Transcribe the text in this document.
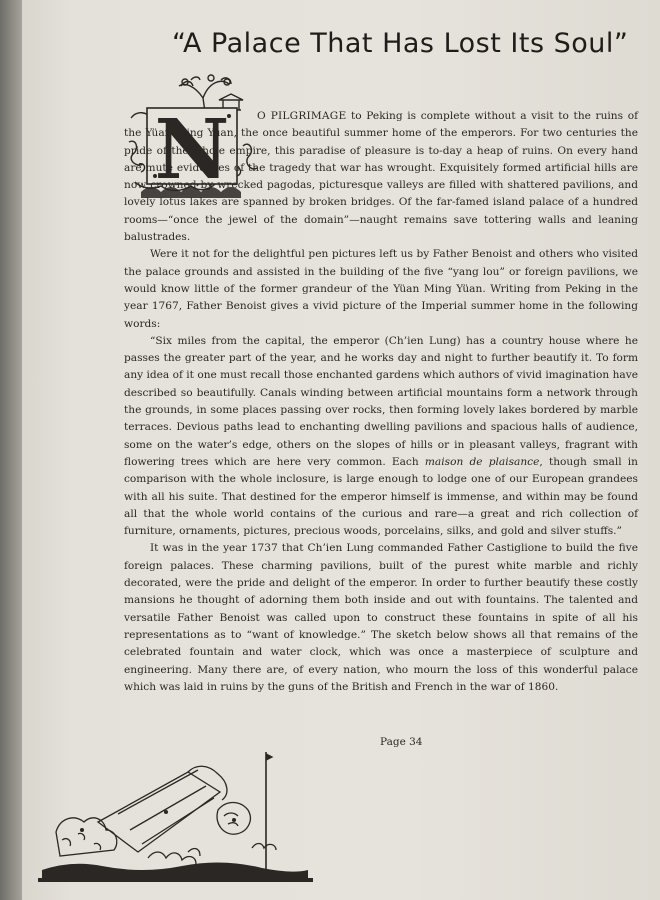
“A Palace That Has Lost Its Soul”
N	O PILGRIMAGE to Peking is complete without a visit to the ruins of the Yüan Ming Yüan, the once beautiful summer home of the emperors. For two centuries the pride of the whole empire, this paradise of pleasure is to-day a heap of ruins. On every hand are mute evidences of the tragedy that war has wrought. Exquisitely formed artificial hills are now crowned by wrecked pagodas, picturesque valleys are filled with shattered pavilions, and lovely lotus lakes are spanned by broken bridges. Of the far-famed island palace of a hundred rooms—“once the jewel of the domain”—naught remains save tottering walls and leaning balustrades.

Were it not for the delightful pen pictures left us by Father Benoist and others who visited the palace grounds and assisted in the building of the five “yang lou” or foreign pavilions, we would know little of the former grandeur of the Yüan Ming Yüan. Writing from Peking in the year 1767, Father Benoist gives a vivid picture of the Imperial summer home in the following words:

“Six miles from the capital, the emperor (Ch’ien Lung) has a country house where he passes the greater part of the year, and he works day and night to further beautify it. To form any idea of it one must recall those enchanted gardens which authors of vivid imagination have described so beautifully. Canals winding between artificial mountains form a network through the grounds, in some places passing over rocks, then forming lovely lakes bordered by marble terraces. Devious paths lead to enchanting dwelling pavilions and spacious halls of audience, some on the water’s edge, others on the slopes of hills or in pleasant valleys, fragrant with flowering trees which are here very common. Each maison de plaisance, though small in comparison with the whole inclosure, is large enough to lodge one of our European grandees with all his suite. That destined for the emperor himself is immense, and within may be found all that the whole world contains of the curious and rare—a great and rich collection of furniture, ornaments, pictures, precious woods, porcelains, silks, and gold and silver stuffs.”

It was in the year 1737 that Ch’ien Lung commanded Father Castiglione to build the five foreign palaces. These charming pavilions, built of the purest white marble and richly decorated, were the pride and delight of the emperor. In order to further beautify these costly mansions he thought of adorning them both inside and out with fountains. The talented and versatile Father Benoist was called upon to construct these fountains in spite of all his representations as to “want of knowledge.” The sketch below shows all that remains of the celebrated fountain and water clock, which was once a masterpiece of sculpture and engineering. Many there are, of every nation, who mourn the loss of this wonderful palace which was laid in ruins by the guns of the British and French in the war of 1860.

Page 34
